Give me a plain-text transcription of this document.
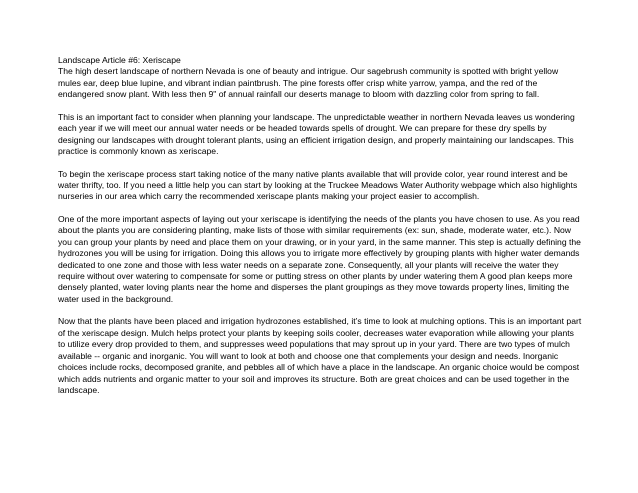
Landscape Article #6: Xeriscape
The high desert landscape of northern Nevada is one of beauty and intrigue. Our sagebrush community is spotted with bright yellow mules ear, deep blue lupine, and vibrant indian paintbrush. The pine forests offer crisp white yarrow, yampa, and the red of the endangered snow plant. With less then 9" of annual rainfall our deserts manage to bloom with dazzling color from spring to fall.

This is an important fact to consider when planning your landscape. The unpredictable weather in northern Nevada leaves us wondering each year if we will meet our annual water needs or be headed towards spells of drought. We can prepare for these dry spells by designing our landscapes with drought tolerant plants, using an efficient irrigation design, and properly maintaining our landscapes. This practice is commonly known as xeriscape.

To begin the xeriscape process start taking notice of the many native plants available that will provide color, year round interest and be water thrifty, too. If you need a little help you can start by looking at the Truckee Meadows Water Authority webpage which also highlights nurseries in our area which carry the recommended xeriscape plants making your project easier to accomplish.

One of the more important aspects of laying out your xeriscape is identifying the needs of the plants you have chosen to use. As you read about the plants you are considering planting, make lists of those with similar requirements (ex: sun, shade, moderate water, etc.). Now you can group your plants by need and place them on your drawing, or in your yard, in the same manner. This step is actually defining the hydrozones you will be using for irrigation. Doing this allows you to irrigate more effectively by grouping plants with higher water demands dedicated to one zone and those with less water needs on a separate zone. Consequently, all your plants will receive the water they require without over watering to compensate for some or putting stress on other plants by under watering them A good plan keeps more densely planted, water loving plants near the home and disperses the plant groupings as they move towards property lines, limiting the water used in the background.

Now that the plants have been placed and irrigation hydrozones established, it’s time to look at mulching options. This is an important part of the xeriscape design. Mulch helps protect your plants by keeping soils cooler, decreases water evaporation while allowing your plants to utilize every drop provided to them, and suppresses weed populations that may sprout up in your yard. There are two types of mulch available -- organic and inorganic. You will want to look at both and choose one that complements your design and needs. Inorganic choices include rocks, decomposed granite, and pebbles all of which have a place in the landscape. An organic choice would be compost which adds nutrients and organic matter to your soil and improves its structure. Both are great choices and can be used together in the landscape.
